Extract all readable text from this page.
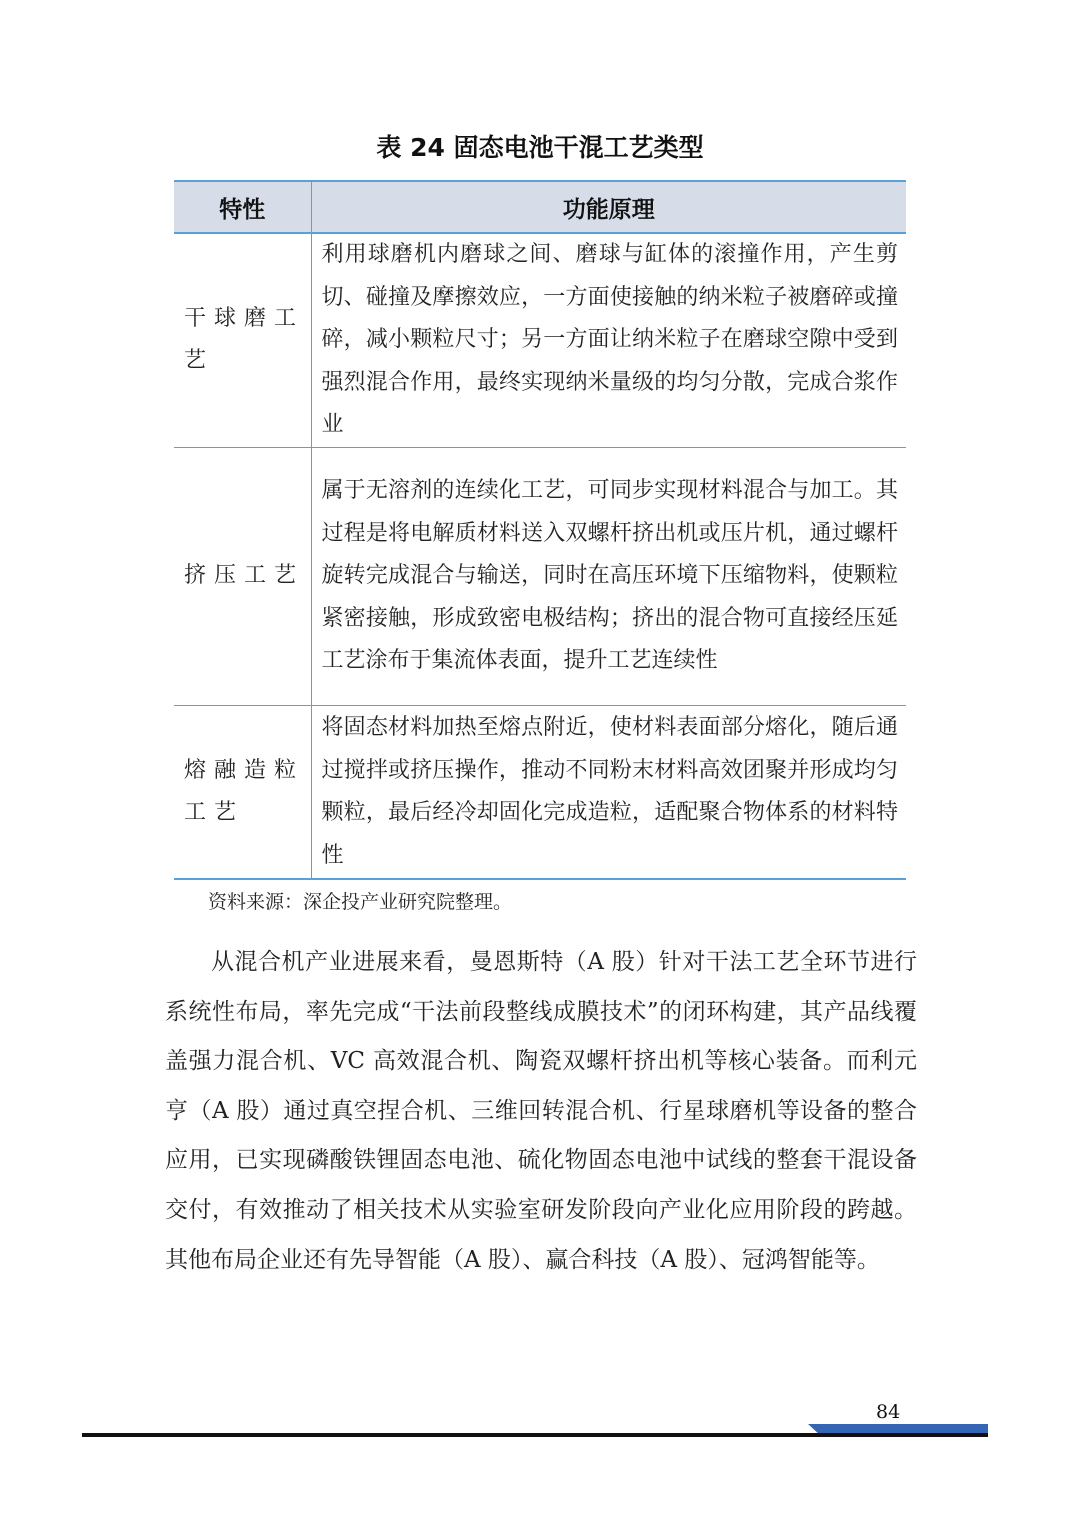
表 24 固态电池干混工艺类型
特性	功能原理
干球磨工艺	利用球磨机内磨球之间、磨球与缸体的滚撞作用，产生剪切、碰撞及摩擦效应，一方面使接触的纳米粒子被磨碎或撞碎，减小颗粒尺寸；另一方面让纳米粒子在磨球空隙中受到强烈混合作用，最终实现纳米量级的均匀分散，完成合浆作业
挤压工艺	属于无溶剂的连续化工艺，可同步实现材料混合与加工。其过程是将电解质材料送入双螺杆挤出机或压片机，通过螺杆旋转完成混合与输送，同时在高压环境下压缩物料，使颗粒紧密接触，形成致密电极结构；挤出的混合物可直接经压延工艺涂布于集流体表面，提升工艺连续性
熔融造粒工艺	将固态材料加热至熔点附近，使材料表面部分熔化，随后通过搅拌或挤压操作，推动不同粉末材料高效团聚并形成均匀颗粒，最后经冷却固化完成造粒，适配聚合物体系的材料特性
资料来源：深企投产业研究院整理。

从混合机产业进展来看，曼恩斯特（A 股）针对干法工艺全环节进行系统性布局，率先完成“干法前段整线成膜技术”的闭环构建，其产品线覆盖强力混合机、VC 高效混合机、陶瓷双螺杆挤出机等核心装备。而利元亨（A 股）通过真空捏合机、三维回转混合机、行星球磨机等设备的整合应用，已实现磷酸铁锂固态电池、硫化物固态电池中试线的整套干混设备交付，有效推动了相关技术从实验室研发阶段向产业化应用阶段的跨越。其他布局企业还有先导智能（A 股）、赢合科技（A 股）、冠鸿智能等。

84
